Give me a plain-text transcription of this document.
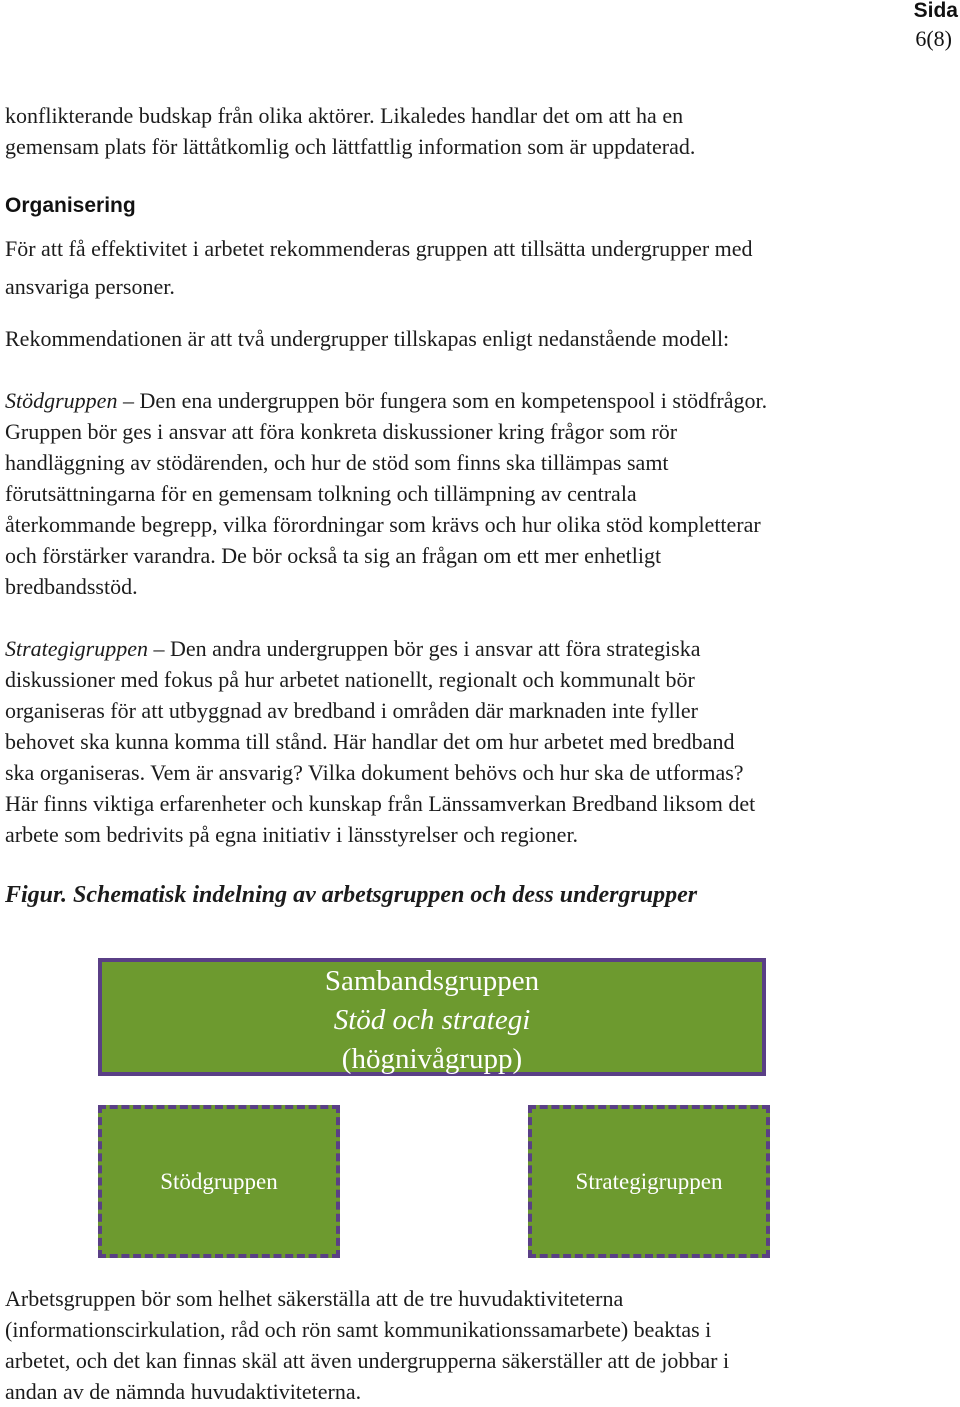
Sida
6(8)

konflikterande budskap från olika aktörer. Likaledes handlar det om att ha en

gemensam plats för lättåtkomlig och lättfattlig information som är uppdaterad.

Organisering

För att få effektivitet i arbetet rekommenderas gruppen att tillsätta undergrupper med

ansvariga personer.

Rekommendationen är att två undergrupper tillskapas enligt nedanstående modell:

Stödgruppen – Den ena undergruppen bör fungera som en kompetenspool i stödfrågor.

Gruppen bör ges i ansvar att föra konkreta diskussioner kring frågor som rör

handläggning av stödärenden, och hur de stöd som finns ska tillämpas samt

förutsättningarna för en gemensam tolkning och tillämpning av centrala

återkommande begrepp, vilka förordningar som krävs och hur olika stöd kompletterar

och förstärker varandra. De bör också ta sig an frågan om ett mer enhetligt

bredbandsstöd.

Strategigruppen – Den andra undergruppen bör ges i ansvar att föra strategiska

diskussioner med fokus på hur arbetet nationellt, regionalt och kommunalt bör

organiseras för att utbyggnad av bredband i områden där marknaden inte fyller

behovet ska kunna komma till stånd. Här handlar det om hur arbetet med bredband

ska organiseras. Vem är ansvarig? Vilka dokument behövs och hur ska de utformas?

Här finns viktiga erfarenheter och kunskap från Länssamverkan Bredband liksom det

arbete som bedrivits på egna initiativ i länsstyrelser och regioner.

Figur. Schematisk indelning av arbetsgruppen och dess undergrupper
Sambandsgruppen
Stöd och strategi
(högnivågrupp)
Stödgruppen	Strategigruppen

Arbetsgruppen bör som helhet säkerställa att de tre huvudaktiviteterna

(informationscirkulation, råd och rön samt kommunikationssamarbete) beaktas i

arbetet, och det kan finnas skäl att även undergrupperna säkerställer att de jobbar i

andan av de nämnda huvudaktiviteterna.
